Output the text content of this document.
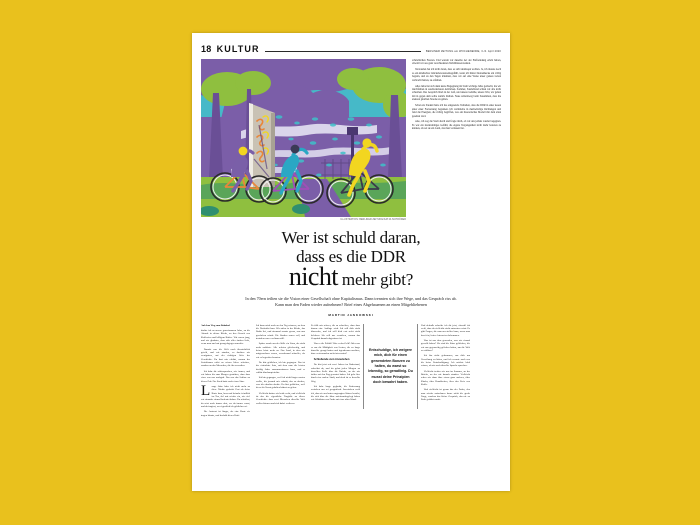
18 KULTUR	BERLINER ZEITUNG am WOCHENENDE, 3./4. April 2020
ILLUSTRATION: BERLINER ZEITUNG/KATJA SCHRÖDER

schrieblichen Fassten. Und warum wir dieselbe Art der Entfremdung erlebt haben, obwohl wir aus ganz verschiedenen Verhältnissen kamen.

Verstanden hat ich nicht daran, dass es sich identisqen wollten. Ja, ich musste noch so ein kindisches Glücksbewusstseinsgefühl, wenn ich hinter Dornenhecke am völlig begann, und an den Tagen träumten, dass wir auf eine Weise unser ganzes Leben verbracht hatten, zu erfahren.

Alles liebe hat sich dann kurze Begegnung im Stadt wichtige Jahre gemacht, die wir durchfahren in ausdrucksbaren Anblicken. Sommer, Sandelband schien wir alle nicht schreiben. Das Gespräch blieb in der Luft, und unsere Gehöhe, unsere Wut, wir gehen mit in gegen dem sollte zurück bleiben. Neue Arbeitsweg beim Zusammen, dass die anderen gleichen Strecke zu gehen.

Schon als Student hatte ich das eingesetzte Verhalten, dass die DDR in einer neuen unter einer Fortsetzung begannen. Ich vermittelte in merkwürdige Richtungen und fand die Energien, die richtig begriffen, was ein theoretisches Modell mit dem alten gesehen wird.

Also, ich zog die Stadt durch und fragte mich, ob wir uns jemals wieder begegnen. Es war ein merkwürdiges Gefühl, die eigene Vergangenheit nicht mehr betreten zu können, als sei sie ein Land, das man verlassen hat.

Wer ist schuld daran,
dass es die DDR
nicht mehr gibt?
In den 70ern teilten sie die Vision einer Gesellschaft ohne Kapitalismus. Dann trennten sich ihre Wege, und das Gespräch riss ab. Kann man den Faden wieder aufnehmen? Brief eines Abgehauenen an einen Mitgebliebenen
MARTIN JANKOWSKI

Auf dem Weg zum Bahnhof

dachte ich an unsere gemeinsamen Jahre, an die Abende in deiner Küche, an den Geruch von Kohleofen und billigem Kaffee. Wir waren jung, und wir glaubten, dass sich alles ändern ließe, wenn man nur laut genug dagegen anredete.

Damals war die Welt noch übersichtlich geteilt, und wir standen, so dachten wir wenigstens, auf der richtigen Seite der Geschichte. Du hast mir erklärt, warum der Sozialismus nicht an seinen Ideen scheitere, sondern an den Menschen, die ihn verwalten.

Ich habe dir widersprochen, wie immer, und wir haben bis zum Morgen gestritten, ohne dass einer von uns nachgab. Das war das Schöne an dieser Zeit: Der Streit hatte noch einen Sinn.

Lange Jahre habe ich nicht mehr an diese Nächte gedacht. Erst als deine Karte kam, kurz und beinahe feindlich im Ton, fiel mir wieder ein, wie viel wir einander einmal bedeutet haben. Du schriebst, du seist noch immer dort, wo du immer warst, und du fragtest, wo eigentlich ich geblieben sei.

Die Antwort ist länger, als eine Karte sie tragen könnte, und deshalb dieser Brief.

Ich kann mich noch an den Tag erinnern, an dem die Nachricht kam. Wir saßen in der Küche, das Radio lief, und niemand wusste genau, was nun geschehen würde. Die Straßen waren voll, und trotzdem war es seltsam still.

Später wurde aus der Stille ein Lärm, der nicht mehr aufhörte. Alle redeten gleichzeitig, und keiner hörte mehr zu. Das Land, in dem wir aufgewachsen waren, verschwand schneller, als wir es begreifen konnten.

Du bist geblieben, ich bin gegangen. Das ist der einfachste Satz, mit dem man die letzten dreißig Jahre zusammenfassen kann, und er erklärt überhaupt nichts.

Ich bin gegangen, weil ich nicht länger warten wollte, bis jemand mir erlaubt, das zu denken, was ich ohnehin dachte. Du bist geblieben, weil du es für Verrat gehalten hättest zu gehen.

Vielleicht hatten wir beide recht, und vielleicht ist das die eigentliche Tragödie an dieser Geschichte: dass zwei Menschen dieselbe Welt wollen können und sich dabei verlieren.

Es fällt mir schwer, dir zu schreiben, ohne dass daraus eine Anklage wird. Ich will dich nicht überreden, und ich will dich erst recht nicht belehren. Ich will nur verstehen, warum das Gespräch damals abgerissen ist.

War es die Politik? War es das Geld? Oder war es nur die Müdigkeit von Leuten, die zu lange dasselbe gesagt hatten und irgendwann merkten, dass es niemanden mehr interessiert?

Schlußende zum Anzuziehen

Du bist jetzt seit zwei Jahren im Ruhestand, schreibst du, und du gehst jeden Morgen an derselben Stelle über die Brücke, an der wir früher auf den Zug gewartet haben. Ich gehe hier durch eine andere Stadt, und doch ist es derselbe Weg.

Ich habe lange geglaubt, die Entfernung zwischen uns sei geografisch. Inzwischen weiß ich, dass sie aus lauter ungesagten Sätzen besteht, die sich über die Jahre aufeinandergelegt haben wie Schichten von Farbe auf einer alten Wand.

Entschuldige, ich weigere mich, dich für einen gewendeten Bonzen zu halten, du warst so lebendig, so geradlinig. Du musst deine Prinzipien doch bewahrt haben.

Und deshalb schreibe ich dir jetzt, obwohl ich weiß, dass du vielleicht nicht antworten wirst. Es gibt Fragen, die man nur stellen kann, wenn man bereit ist, keine Antwort zu bekommen.

Was ist aus dem geworden, was wir einmal gewollt haben? Wo sind die Sätze geblieben, die wir uns gegenseitig geliehen haben, um die Welt zu erklären?

Ich bin nicht gekommen, um dich um Verzeihung zu bitten, und ich erwarte auch von dir keine Entschuldigung. Ich möchte bloß wissen, ob wir noch dieselbe Sprache sprechen.

Vielleicht treffen wir uns im Sommer, an der Brücke, an der wir damals standen. Vielleicht reden wir dann über etwas ganz anderes, über Kinder, über Krankheiten, über den Preis von Kohle.

Und vielleicht ist genau das der Faden, den man wieder aufnehmen kann: nicht die große Frage, sondern das kleine Gespräch, das nie zu Ende geführt wurde.
